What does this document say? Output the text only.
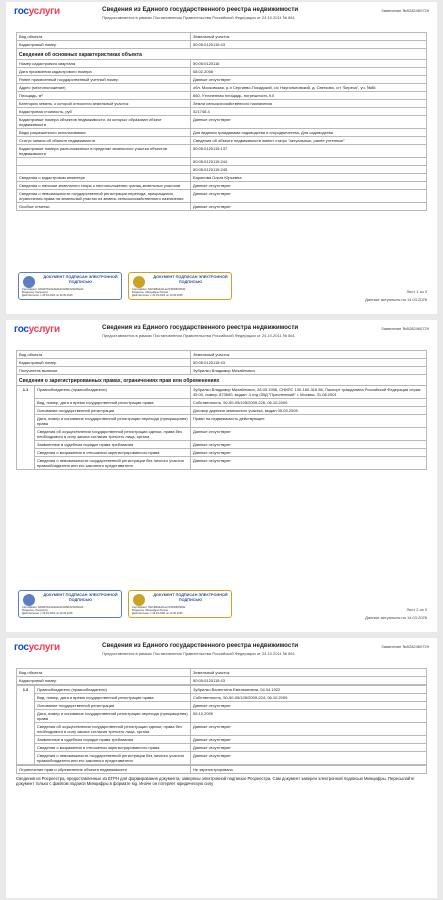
госуслуги	Сведения из Единого государственного реестра недвижимости
Предоставляется в рамках Постановления Правительства Российской Федерации от 24.10.2011 № 861
Заявление №5282460729
Вид объекта	Земельный участок
Кадастровый номер	50:05:0120115:43
Сведения об основных характеристиках объекта
Номер кадастрового квартала	50:05:0120116
Дата присвоения кадастрового номера	08.02.2006
Ранее присвоенный государственный учетный номер	Данные отсутствуют
Адрес (местоположение)	обл. Московская, р-н Сергиево-Посадский, с/с Наугольновский, д. Светково, с/т "Береза", уч. №86
Площадь, м²	660, Уточненная площадь, погрешность 9.0
Категория земель, к которой относится земельный участок	Земли сельскохозяйственного назначения
Кадастровая стоимость, руб	321748.4
Кадастровые номера объектов недвижимости, из которых образован объект недвижимости	Данные отсутствуют
Виды разрешенного использования	Для ведения гражданами садоводства и огородничества, Для садоводства
Статус записи об объекте недвижимости	Сведения об объекте недвижимости имеют статус "актуальные, ранее учтенные"
Кадастровые номера расположенных в пределах земельного участка объектов недвижимости	50:05:0120115:137
	50:05:0120115:244
	50:05:0120115:245
Сведения о кадастровом инженере	Баринова Ольга Юрьевна
Сведения о наличии земельного спора о местоположении границ земельных участков	Данные отсутствуют
Сведения о невозможности государственной регистрации перехода, прекращения, ограничения права на земельный участок из земель сельскохозяйственного назначения	Данные отсутствуют
Особые отметки	Данные отсутствуют
ДОКУМЕНТ ПОДПИСАН ЭЛЕКТРОННОЙ ПОДПИСЬЮ
Сертификат: 6d0d97b0c0e9a4b4c6e891023d4f2a4b
Владелец: Росреестр
Действителен: с 05.04.2024 по 29.06.2025
ДОКУМЕНТ ПОДПИСАН ЭЛЕКТРОННОЙ ПОДПИСЬЮ
Сертификат: 5d2c9f8a3e61ac7d45f18b09932
Владелец: Минцифры России
Действителен: с 20.03.2024 по 13.06.2025
Лист 1 из 3
Данные актуальны на 14.03.2025
госуслуги	Сведения из Единого государственного реестра недвижимости
Предоставляется в рамках Постановления Правительства Российской Федерации от 24.10.2011 № 861
Заявление №5282460729
Вид объекта	Земельный участок
Кадастровый номер	50:05:0120115:43
Получатель выписки	Зубрилко Владимир Михайлович
Сведения о зарегистрированных правах, ограничениях прав или обременениях
1.1	Правообладатель (правообладатели)	Зубрилко Владимир Михайлович, 28.05.1956, СНИЛС 130-160-316 86, Паспорт гражданина Российской Федерации серия: 45 00, номер: 873690, выдан: 4 отд ОВД "Пресненский" г. Москвы, 31.08.2001
	Вид, номер, дата и время государственной регистрации права	Собственность, 50-50-05/105/2009-226, 06.10.2009
	Основание государственной регистрации	Договор дарения земельного участка, выдан 05.09.2009
	Дата, номер и основание государственной регистрации перехода (прекращения) права	Право на недвижимость действующее
	Сведения об осуществлении государственной регистрации сделки, права без необходимого в силу закона согласия третьего лица, органа	Данные отсутствуют
	Заявленные в судебном порядке права требования	Данные отсутствуют
	Сведения о возражении в отношении зарегистрированного права	Данные отсутствуют
	Сведения о невозможности государственной регистрации без личного участия правообладателя или его законного представителя	Данные отсутствуют
ДОКУМЕНТ ПОДПИСАН ЭЛЕКТРОННОЙ ПОДПИСЬЮ
Сертификат: 6d0d97b0c0e9a4b4c6e891023d4f2a4b
Владелец: Росреестр
Действителен: с 05.04.2024 по 29.06.2025
ДОКУМЕНТ ПОДПИСАН ЭЛЕКТРОННОЙ ПОДПИСЬЮ
Сертификат: 5d2c9f8a3e61ac7d45f18b09932
Владелец: Минцифры России
Действителен: с 20.03.2024 по 13.06.2025
Лист 2 из 3
Данные актуальны на 14.03.2025
госуслуги	Сведения из Единого государственного реестра недвижимости
Предоставляется в рамках Постановления Правительства Российской Федерации от 24.10.2011 № 861
Заявление №5282460729
Вид объекта	Земельный участок
Кадастровый номер	50:05:0120115:43
1.2	Правообладатель (правообладатели)	Зубрилко Валентина Емельяновна, 04.04.1922
	Вид, номер, дата и время государственной регистрации права	Собственность, 50-50-05/105/2009-224, 06.10.2009
	Основание государственной регистрации	Данные отсутствуют
	Дата, номер и основание государственной регистрации перехода (прекращения) права	06.10.2009
	Сведения об осуществлении государственной регистрации сделки, права без необходимого в силу закона согласия третьего лица, органа	Данные отсутствуют
	Заявленные в судебном порядке права требования	Данные отсутствуют
	Сведения о возражении в отношении зарегистрированного права	Данные отсутствуют
	Сведения о невозможности государственной регистрации без личного участия правообладателя или его законного представителя	Данные отсутствуют
Ограничение прав и обременение объекта недвижимости	Не зарегистрировано
Сведения из Росреестра, предоставленные из ЕГРН для формирования документа, заверены электронной подписью Росреестра. Сам документ заверен электронной подписью Минцифры. Пересылайте документ только с файлом подписи Минцифры в формате sig. Иначе он потеряет юридическую силу
